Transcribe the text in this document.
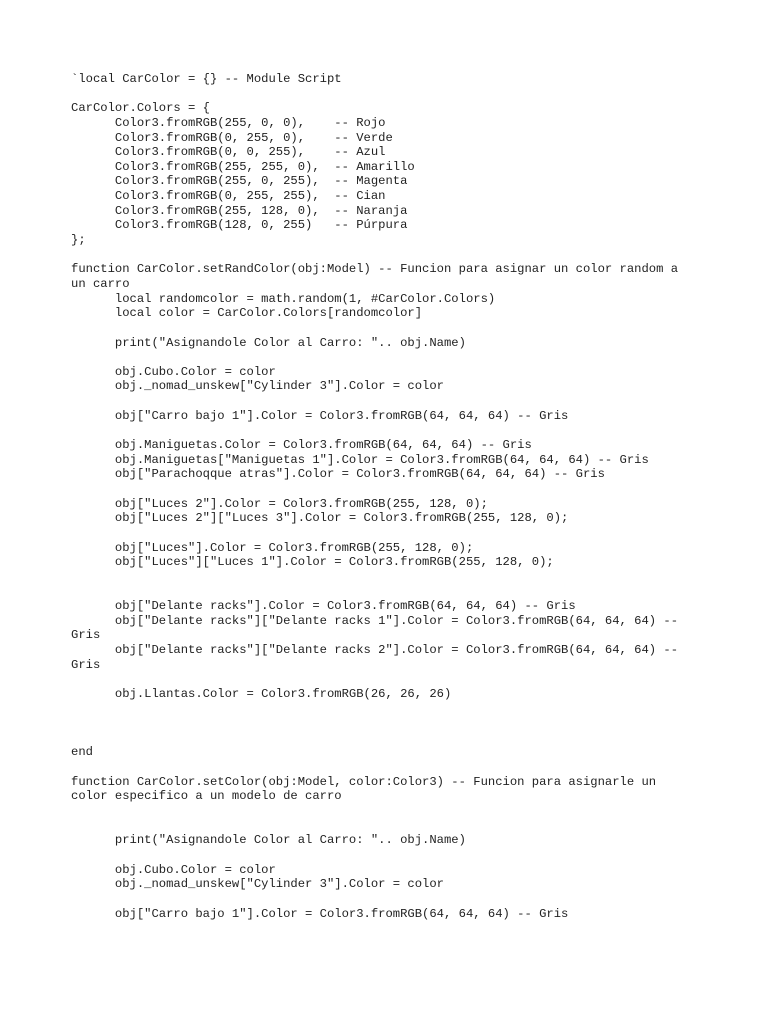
`local CarColor = {} -- Module Script
CarColor.Colors = {
Color3.fromRGB(255, 0, 0),    -- Rojo
Color3.fromRGB(0, 255, 0),    -- Verde
Color3.fromRGB(0, 0, 255),    -- Azul
Color3.fromRGB(255, 255, 0),  -- Amarillo
Color3.fromRGB(255, 0, 255),  -- Magenta
Color3.fromRGB(0, 255, 255),  -- Cian
Color3.fromRGB(255, 128, 0),  -- Naranja
Color3.fromRGB(128, 0, 255)   -- Púrpura
};
function CarColor.setRandColor(obj:Model) -- Funcion para asignar un color random a
un carro
local randomcolor = math.random(1, #CarColor.Colors)
local color = CarColor.Colors[randomcolor]
print("Asignandole Color al Carro: ".. obj.Name)
obj.Cubo.Color = color
obj._nomad_unskew["Cylinder 3"].Color = color
obj["Carro bajo 1"].Color = Color3.fromRGB(64, 64, 64) -- Gris
obj.Maniguetas.Color = Color3.fromRGB(64, 64, 64) -- Gris
obj.Maniguetas["Maniguetas 1"].Color = Color3.fromRGB(64, 64, 64) -- Gris
obj["Parachoqque atras"].Color = Color3.fromRGB(64, 64, 64) -- Gris
obj["Luces 2"].Color = Color3.fromRGB(255, 128, 0);
obj["Luces 2"]["Luces 3"].Color = Color3.fromRGB(255, 128, 0);
obj["Luces"].Color = Color3.fromRGB(255, 128, 0);
obj["Luces"]["Luces 1"].Color = Color3.fromRGB(255, 128, 0);
obj["Delante racks"].Color = Color3.fromRGB(64, 64, 64) -- Gris
obj["Delante racks"]["Delante racks 1"].Color = Color3.fromRGB(64, 64, 64) --
Gris
obj["Delante racks"]["Delante racks 2"].Color = Color3.fromRGB(64, 64, 64) --
Gris
obj.Llantas.Color = Color3.fromRGB(26, 26, 26)
end
function CarColor.setColor(obj:Model, color:Color3) -- Funcion para asignarle un
color especifico a un modelo de carro
print("Asignandole Color al Carro: ".. obj.Name)
obj.Cubo.Color = color
obj._nomad_unskew["Cylinder 3"].Color = color
obj["Carro bajo 1"].Color = Color3.fromRGB(64, 64, 64) -- Gris
